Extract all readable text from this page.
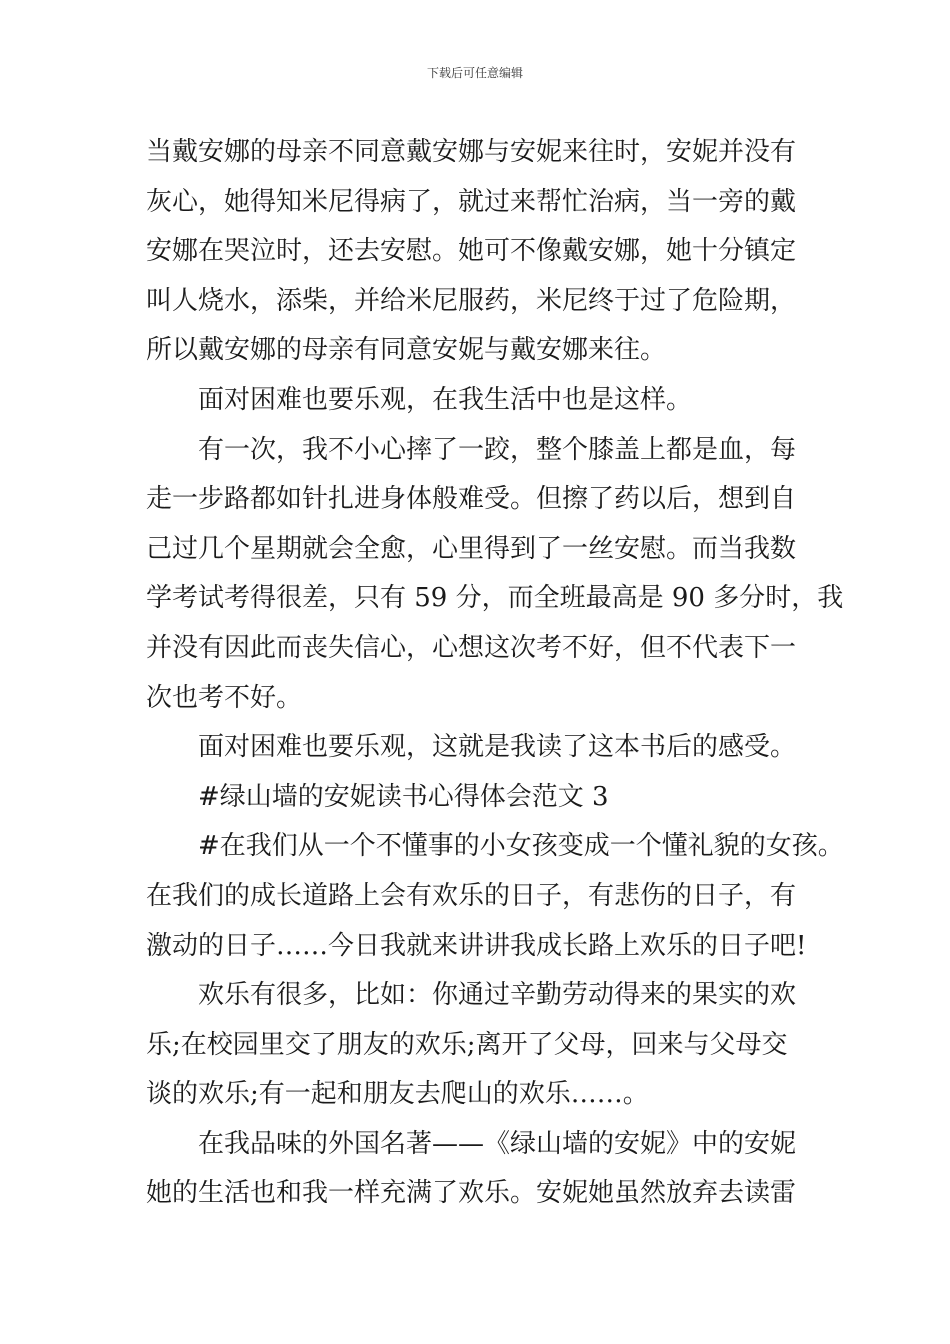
下载后可任意编辑
当戴安娜的母亲不同意戴安娜与安妮来往时，安妮并没有
灰心，她得知米尼得病了，就过来帮忙治病，当一旁的戴
安娜在哭泣时，还去安慰。她可不像戴安娜，她十分镇定
叫人烧水，添柴，并给米尼服药，米尼终于过了危险期，
所以戴安娜的母亲有同意安妮与戴安娜来往。
面对困难也要乐观，在我生活中也是这样。
有一次，我不小心摔了一跤，整个膝盖上都是血，每
走一步路都如针扎进身体般难受。但擦了药以后，想到自
己过几个星期就会全愈，心里得到了一丝安慰。而当我数
学考试考得很差，只有 59 分，而全班最高是 90 多分时，我
并没有因此而丧失信心，心想这次考不好，但不代表下一
次也考不好。
面对困难也要乐观，这就是我读了这本书后的感受。
#绿山墙的安妮读书心得体会范文 3
#在我们从一个不懂事的小女孩变成一个懂礼貌的女孩。
在我们的成长道路上会有欢乐的日子，有悲伤的日子，有
激动的日子……今日我就来讲讲我成长路上欢乐的日子吧!
欢乐有很多，比如：你通过辛勤劳动得来的果实的欢
乐;在校园里交了朋友的欢乐;离开了父母，回来与父母交
谈的欢乐;有一起和朋友去爬山的欢乐……。
在我品味的外国名著——《绿山墙的安妮》中的安妮
她的生活也和我一样充满了欢乐。安妮她虽然放弃去读雷
